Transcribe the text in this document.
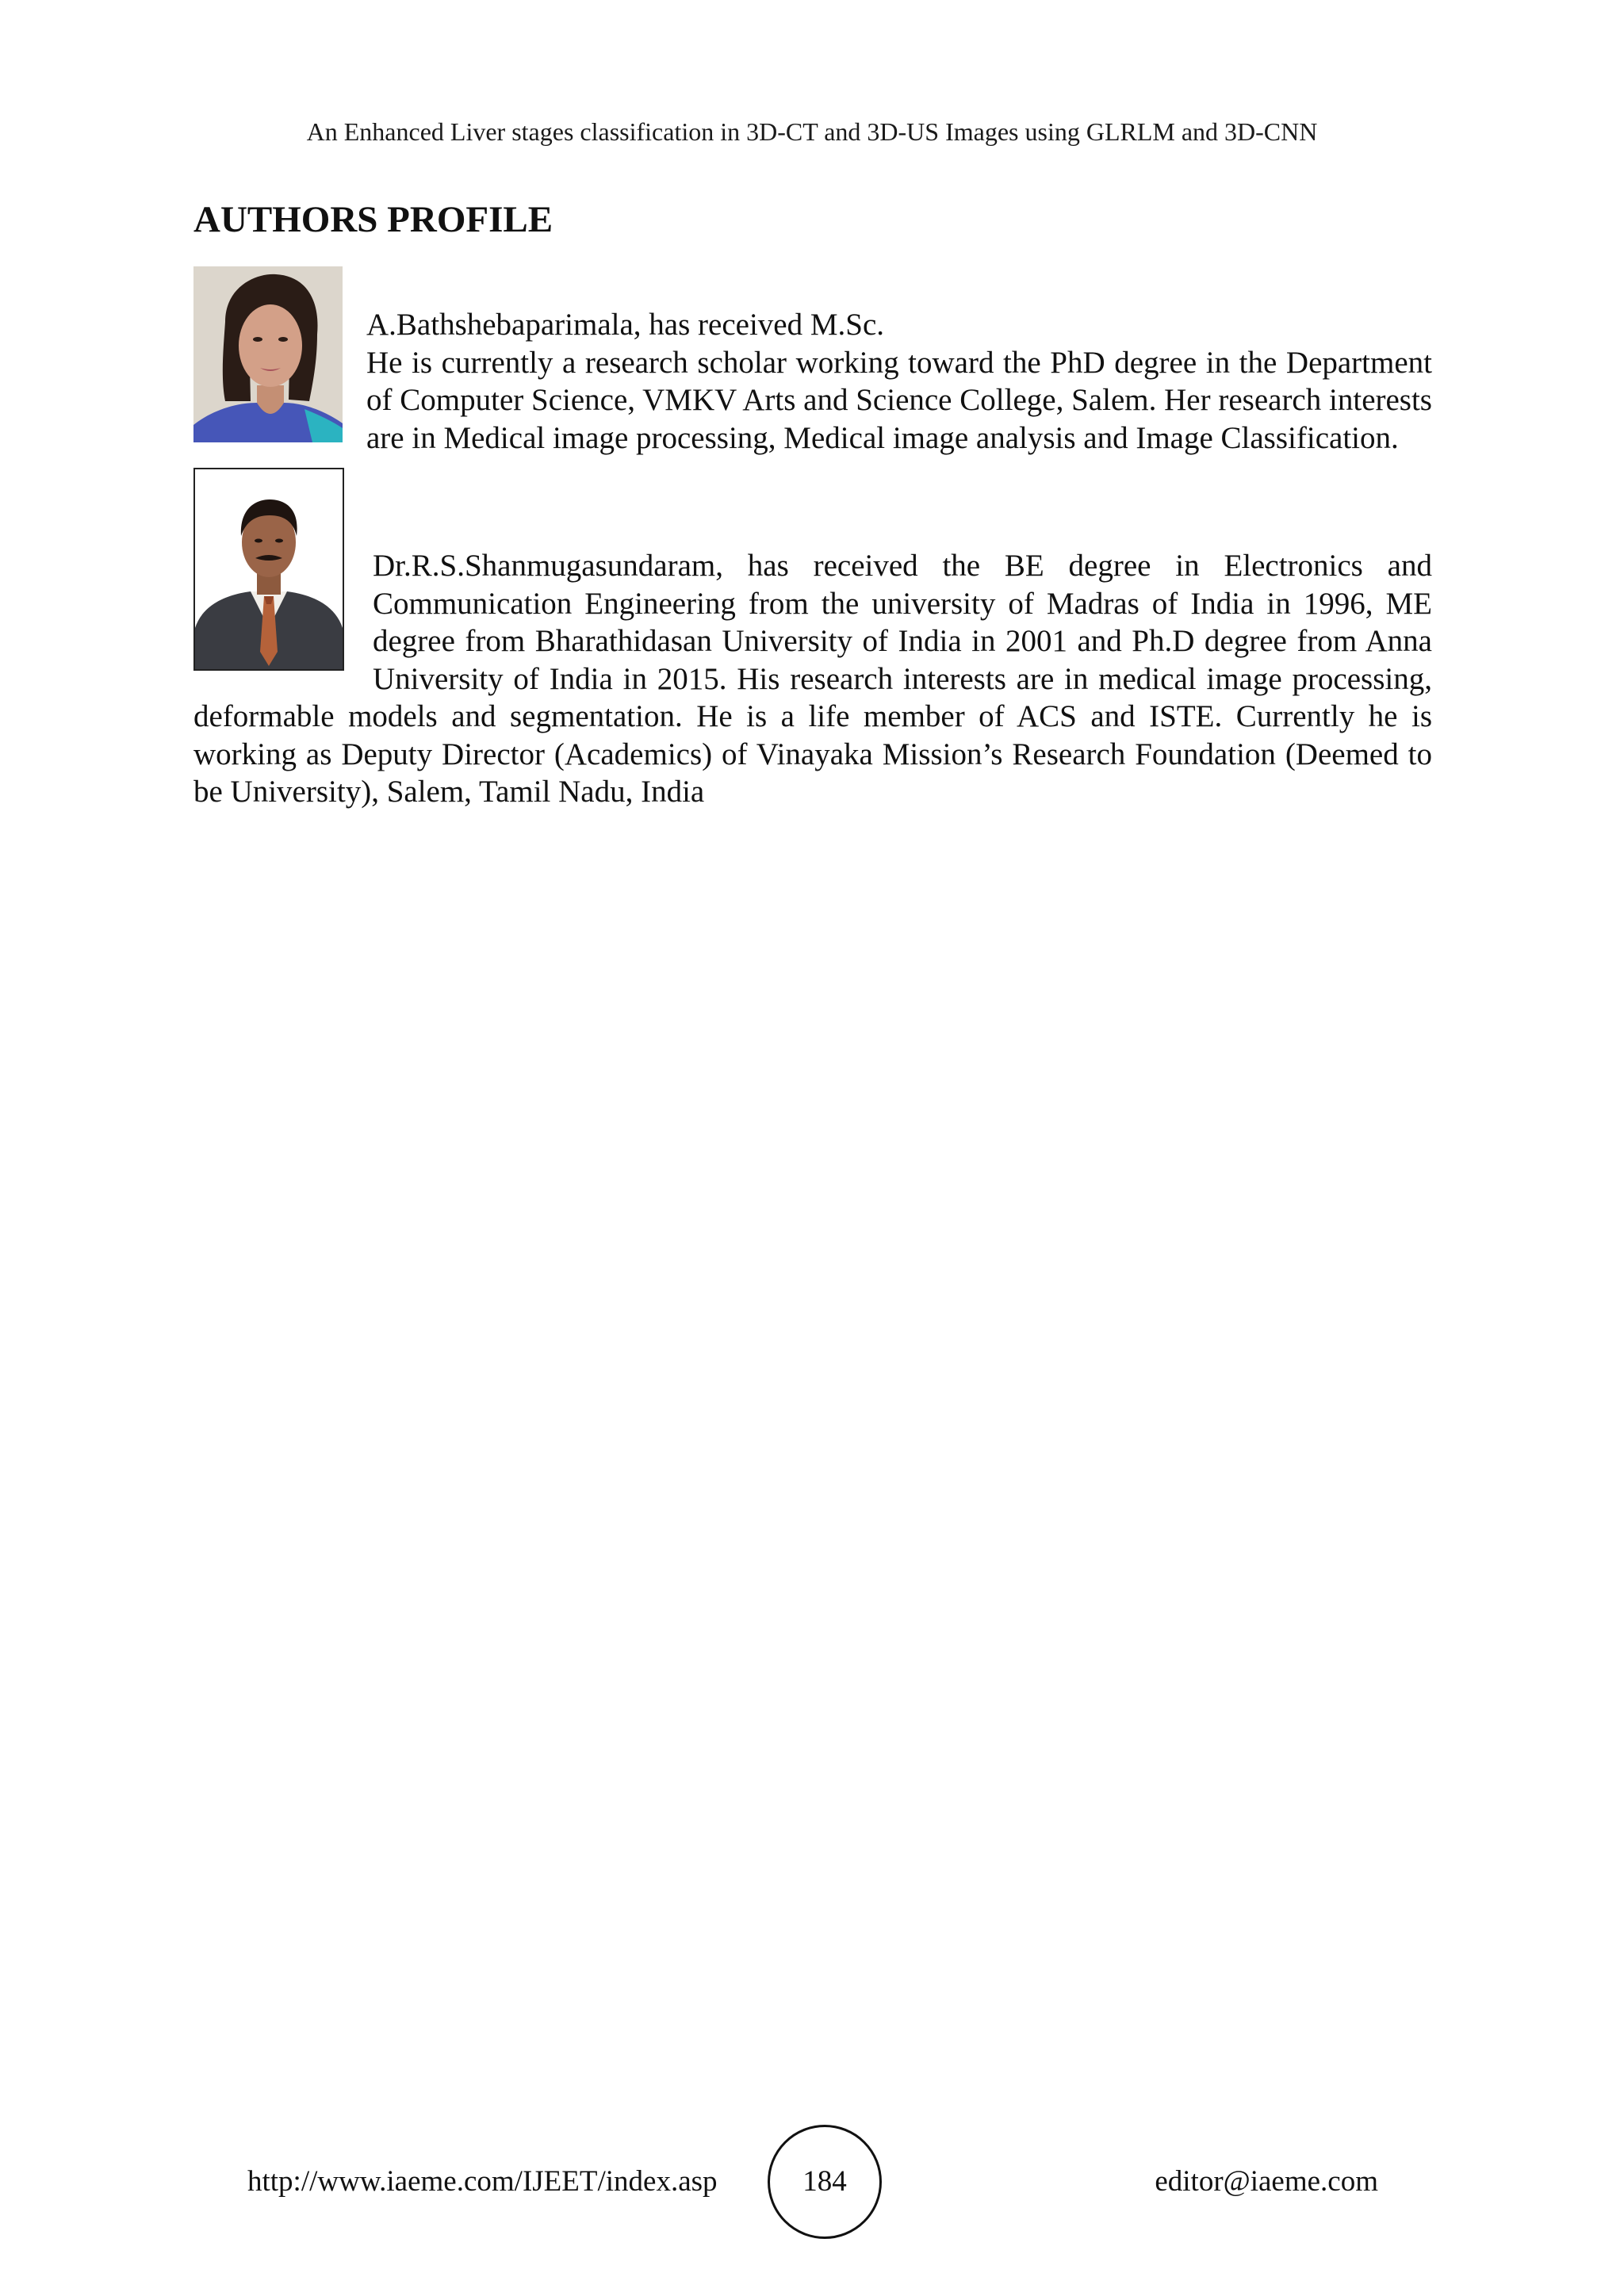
An Enhanced Liver stages classification in 3D-CT and 3D-US Images using GLRLM and 3D-CNN
AUTHORS PROFILE

A.Bathshebaparimala, has received M.Sc.

He is currently a research scholar working toward the PhD degree in the Department of Computer Science, VMKV Arts and Science College, Salem. Her research interests are in Medical image processing, Medical image analysis and Image Classification.

Dr.R.S.Shanmugasundaram, has received the BE degree in Electronics and Communication Engineering from the university of Madras of India in 1996, ME degree from Bharathidasan University of India in 2001 and Ph.D degree from Anna University of India in 2015. His research interests are in medical image processing, deformable models and segmentation. He is a life member of ACS and ISTE. Currently he is working as Deputy Director (Academics) of Vinayaka Mission’s Research Foundation (Deemed to be University), Salem, Tamil Nadu, India

http://www.iaeme.com/IJEET/index.asp	184	editor@iaeme.com
